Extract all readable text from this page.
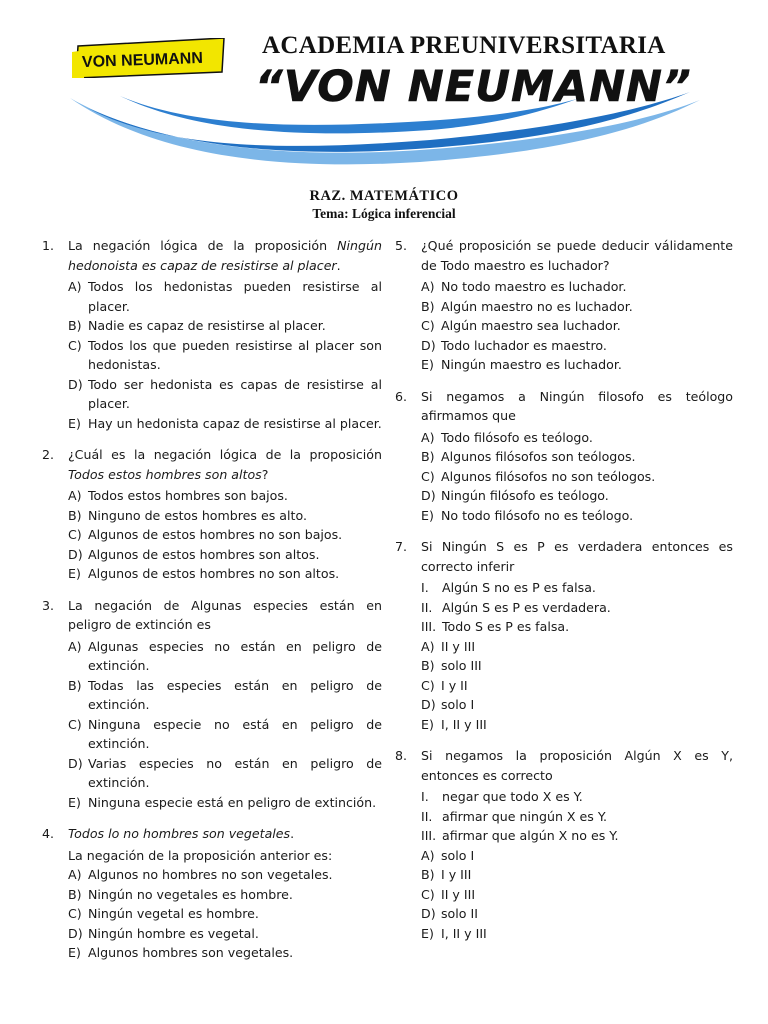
VON NEUMANN
ACADEMIA PREUNIVERSITARIA
“VON NEUMANN”
RAZ. MATEMÁTICO
Tema: Lógica inferencial
1.	La negación lógica de la proposición Ningún hedonoista es capaz de resistirse al placer.
A) Todos los hedonistas pueden resistirse al placer.
B) Nadie es capaz de resistirse al placer.
C) Todos los que pueden resistirse al placer son hedonistas.
D) Todo ser hedonista es capas de resistirse al placer.
E) Hay un hedonista capaz de resistirse al placer.
2.	¿Cuál es la negación lógica de la proposición Todos estos hombres son altos?
A) Todos estos hombres son bajos.
B) Ninguno de estos hombres es alto.
C) Algunos de estos hombres no son bajos.
D) Algunos de estos hombres son altos.
E) Algunos de estos hombres no son altos.
3.	La negación de Algunas especies están en peligro de extinción es
A) Algunas especies no están en peligro de extinción.
B) Todas las especies están en peligro de extinción.
C) Ninguna especie no está en peligro de extinción.
D) Varias especies no están en peligro de extinción.
E) Ninguna especie está en peligro de extinción.
4.	Todos lo no hombres son vegetales.
La negación de la proposición anterior es:
A) Algunos no hombres no son vegetales.
B) Ningún no vegetales es hombre.
C) Ningún vegetal es hombre.
D) Ningún hombre es vegetal.
E) Algunos hombres son vegetales.
5.	¿Qué proposición se puede deducir válidamente de Todo maestro es luchador?
A) No todo maestro es luchador.
B) Algún maestro no es luchador.
C) Algún maestro sea luchador.
D) Todo luchador es maestro.
E) Ningún maestro es luchador.
6.	Si negamos a Ningún filosofo es teólogo afirmamos que
A) Todo filósofo es teólogo.
B) Algunos filósofos son teólogos.
C) Algunos filósofos no son teólogos.
D) Ningún filósofo es teólogo.
E) No todo filósofo no es teólogo.
7.	Si Ningún S es P es verdadera entonces es correcto inferir
I.	Algún S no es P es falsa.
II. Algún S es P es verdadera.
III. Todo S es P es falsa.
A) II y III
B) solo III
C) I y II
D) solo I
E) I, II y III
8.	Si negamos la proposición Algún X es Y, entonces es correcto
I.	negar que todo X es Y.
II. afirmar que ningún X es Y.
III. afirmar que algún X no es Y.
A) solo I
B) I y III
C) II y III
D) solo II
E) I, II y III
